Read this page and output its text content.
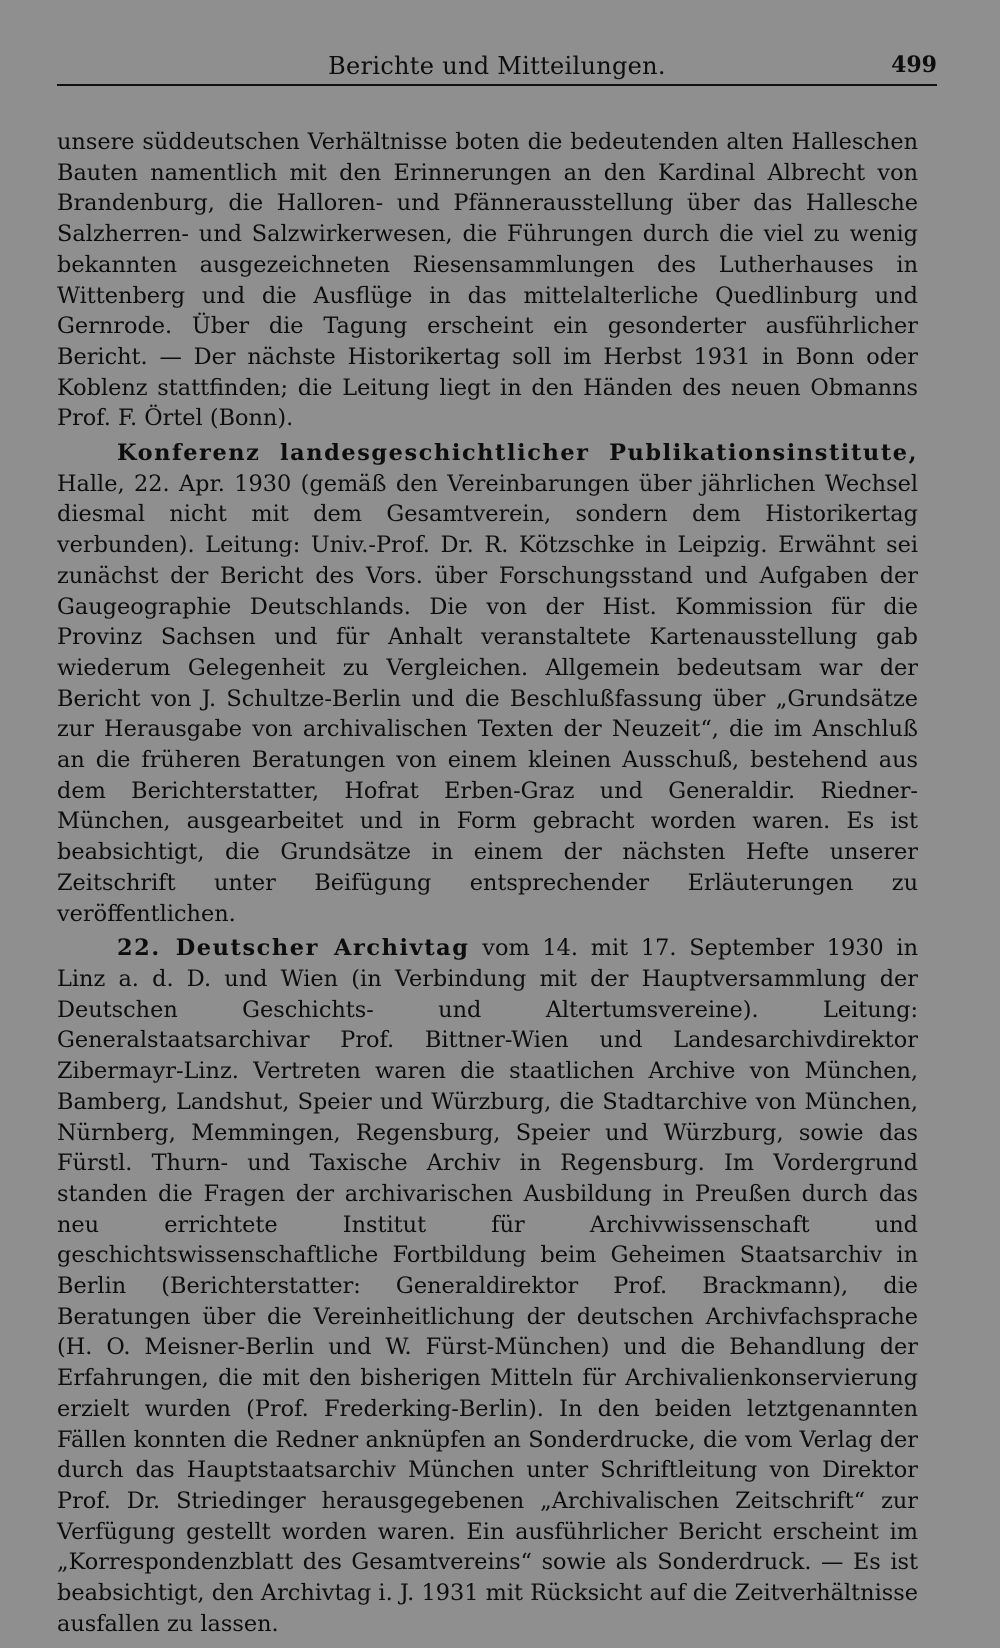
Berichte und Mitteilungen.	499

unsere süddeutschen Verhältnisse boten die bedeutenden alten Halleschen Bauten namentlich mit den Erinnerungen an den Kardinal Albrecht von Brandenburg, die Halloren- und Pfännerausstellung über das Hallesche Salzherren- und Salzwirkerwesen, die Führungen durch die viel zu wenig bekannten ausgezeichneten Riesensammlungen des Lutherhauses in Wittenberg und die Ausflüge in das mittelalterliche Quedlinburg und Gernrode. Über die Tagung erscheint ein gesonderter ausführlicher Bericht. — Der nächste Historikertag soll im Herbst 1931 in Bonn oder Koblenz stattfinden; die Leitung liegt in den Händen des neuen Obmanns Prof. F. Örtel (Bonn).

Konferenz landesgeschichtlicher Publikationsinstitute, Halle, 22. Apr. 1930 (gemäß den Vereinbarungen über jährlichen Wechsel diesmal nicht mit dem Gesamtverein, sondern dem Historikertag verbunden). Leitung: Univ.-Prof. Dr. R. Kötzschke in Leipzig. Erwähnt sei zunächst der Bericht des Vors. über Forschungsstand und Aufgaben der Gaugeographie Deutschlands. Die von der Hist. Kommission für die Provinz Sachsen und für Anhalt veranstaltete Kartenausstellung gab wiederum Gelegenheit zu Vergleichen. Allgemein bedeutsam war der Bericht von J. Schultze-Berlin und die Beschlußfassung über „Grundsätze zur Herausgabe von archivalischen Texten der Neuzeit“, die im Anschluß an die früheren Beratungen von einem kleinen Ausschuß, bestehend aus dem Berichterstatter, Hofrat Erben-Graz und Generaldir. Riedner-München, ausgearbeitet und in Form gebracht worden waren. Es ist beabsichtigt, die Grundsätze in einem der nächsten Hefte unserer Zeitschrift unter Beifügung entsprechender Erläuterungen zu veröffentlichen.

22. Deutscher Archivtag vom 14. mit 17. September 1930 in Linz a. d. D. und Wien (in Verbindung mit der Hauptversammlung der Deutschen Geschichts- und Altertumsvereine). Leitung: Generalstaatsarchivar Prof. Bittner-Wien und Landesarchivdirektor Zibermayr-Linz. Vertreten waren die staatlichen Archive von München, Bamberg, Landshut, Speier und Würzburg, die Stadtarchive von München, Nürnberg, Memmingen, Regensburg, Speier und Würzburg, sowie das Fürstl. Thurn- und Taxische Archiv in Regensburg. Im Vordergrund standen die Fragen der archivarischen Ausbildung in Preußen durch das neu errichtete Institut für Archivwissenschaft und geschichtswissenschaftliche Fortbildung beim Geheimen Staatsarchiv in Berlin (Berichterstatter: Generaldirektor Prof. Brackmann), die Beratungen über die Vereinheitlichung der deutschen Archivfachsprache (H. O. Meisner-Berlin und W. Fürst-München) und die Behandlung der Erfahrungen, die mit den bisherigen Mitteln für Archivalienkonservierung erzielt wurden (Prof. Frederking-Berlin). In den beiden letztgenannten Fällen konnten die Redner anknüpfen an Sonderdrucke, die vom Verlag der durch das Hauptstaatsarchiv München unter Schriftleitung von Direktor Prof. Dr. Striedinger herausgegebenen „Archivalischen Zeitschrift“ zur Verfügung gestellt worden waren. Ein ausführlicher Bericht erscheint im „Korrespondenzblatt des Gesamtvereins“ sowie als Sonderdruck. — Es ist beabsichtigt, den Archivtag i. J. 1931 mit Rücksicht auf die Zeitverhältnisse ausfallen zu lassen.
